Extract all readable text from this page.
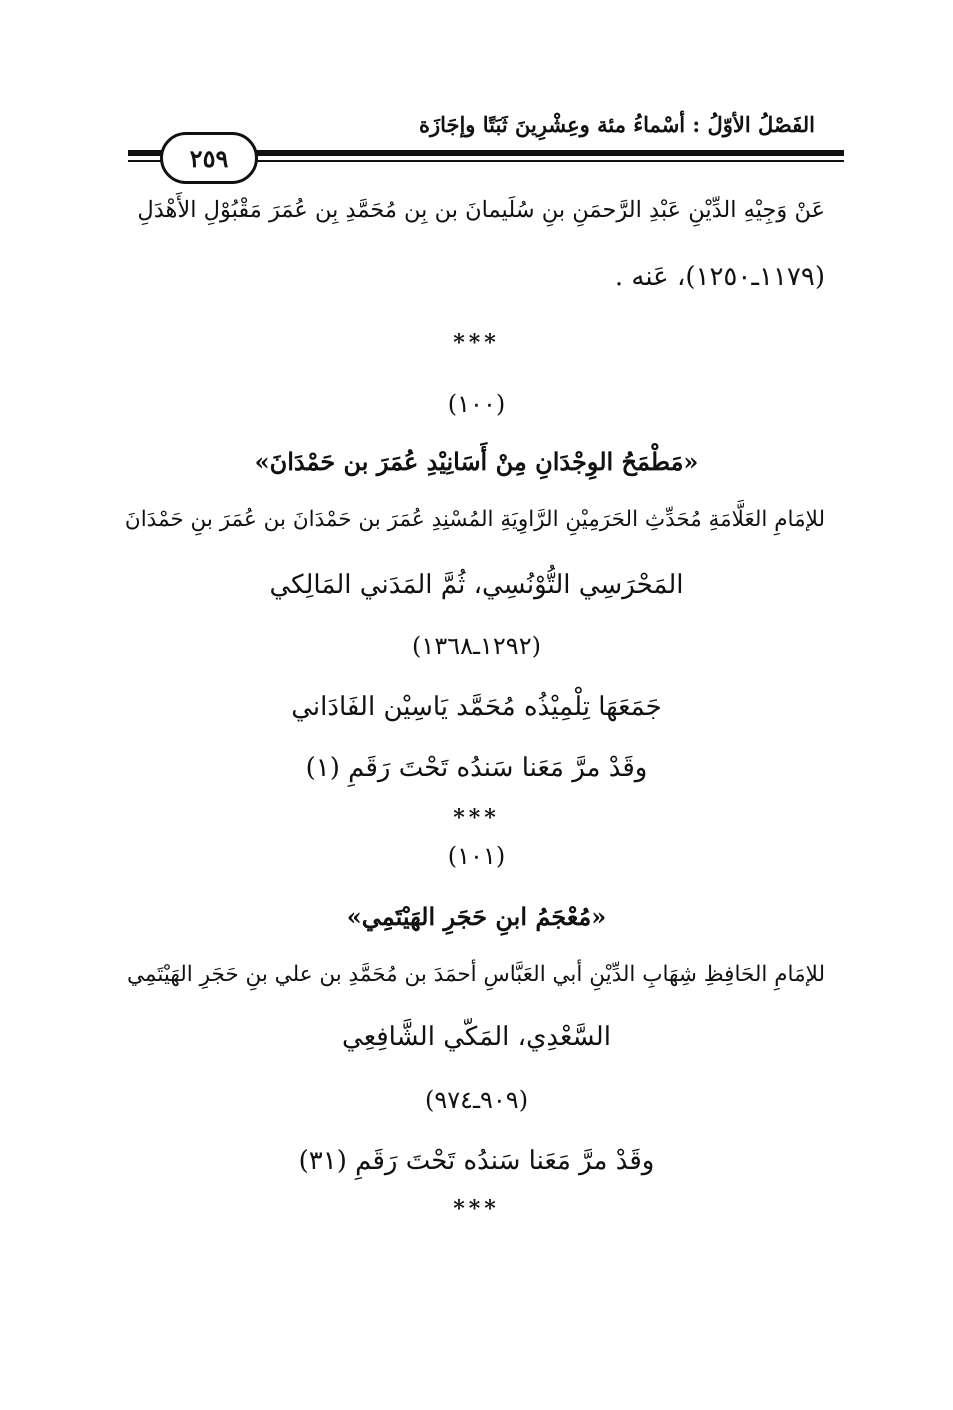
الفَصْلُ الأوّلُ : أسْماءُ مئة وعِشْرِينَ ثَبَتًا وإجَازَة
٢٥٩
عَنْ وَجِيْهِ الدِّيْنِ عَبْدِ الرَّحمَنِ بنِ سُلَيمانَ بن بِن مُحَمَّدِ بِن عُمَرَ مَقْبُوْلِ الأَهْدَلِ
(١١٧٩ـ١٢٥٠)، عَنه .
***
(١٠٠)
«مَطْمَحُ الوِجْدَانِ مِنْ أَسَانِيْدِ عُمَرَ بن حَمْدَانَ»
للإمَامِ العَلَّامَةِ مُحَدِّثِ الحَرَمِيْنِ الرَّاوِيَةِ المُسْنِدِ عُمَرَ بن حَمْدَانَ بن عُمَرَ بنِ حَمْدَانَ
المَحْرَسِي التُّوْنُسِي، ثُمَّ المَدَني المَالِكي
(١٢٩٢ـ١٣٦٨)
جَمَعَهَا تِلْمِيْذُه مُحَمَّد يَاسِيْن الفَادَاني
وقَدْ مرَّ مَعَنا سَندُه تَحْتَ رَقَمِ (١)
***
(١٠١)
«مُعْجَمُ ابنِ حَجَرِ الهَيْتَمِي»
للإمَامِ الحَافِظِ شِهَابِ الدِّيْنِ أبي العَبَّاسِ أحمَدَ بن مُحَمَّدِ بن علي بنِ حَجَرِ الهَيْتَمِي
السَّعْدِي، المَكّي الشَّافِعِي
(٩٠٩ـ٩٧٤)
وقَدْ مرَّ مَعَنا سَندُه تَحْتَ رَقَمِ (٣١)
***
